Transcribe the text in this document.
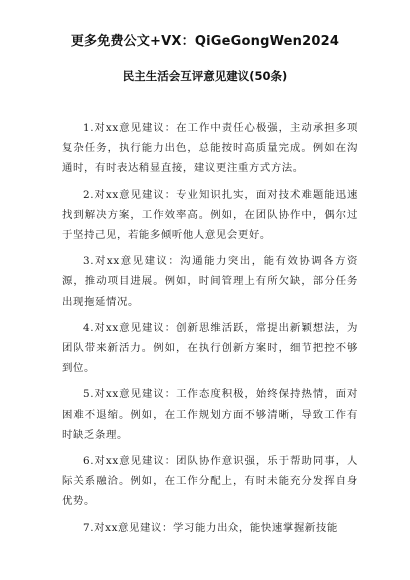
更多免费公文+VX：QiGeGongWen2024
民主生活会互评意见建议(50条)

1.对xx意见建议：在工作中责任心极强，主动承担多项复杂任务，执行能力出色，总能按时高质量完成。例如在沟通时，有时表达稍显直接，建议更注重方式方法。

2.对xx意见建议：专业知识扎实，面对技术难题能迅速找到解决方案，工作效率高。例如，在团队协作中，偶尔过于坚持己见，若能多倾听他人意见会更好。

3.对xx意见建议：沟通能力突出，能有效协调各方资源，推动项目进展。例如，时间管理上有所欠缺，部分任务出现拖延情况。

4.对xx意见建议：创新思维活跃，常提出新颖想法，为团队带来新活力。例如，在执行创新方案时，细节把控不够到位。

5.对xx意见建议：工作态度积极，始终保持热情，面对困难不退缩。例如，在工作规划方面不够清晰，导致工作有时缺乏条理。

6.对xx意见建议：团队协作意识强，乐于帮助同事，人际关系融洽。例如，在工作分配上，有时未能充分发挥自身优势。

7.对xx意见建议：学习能力出众，能快速掌握新技能
